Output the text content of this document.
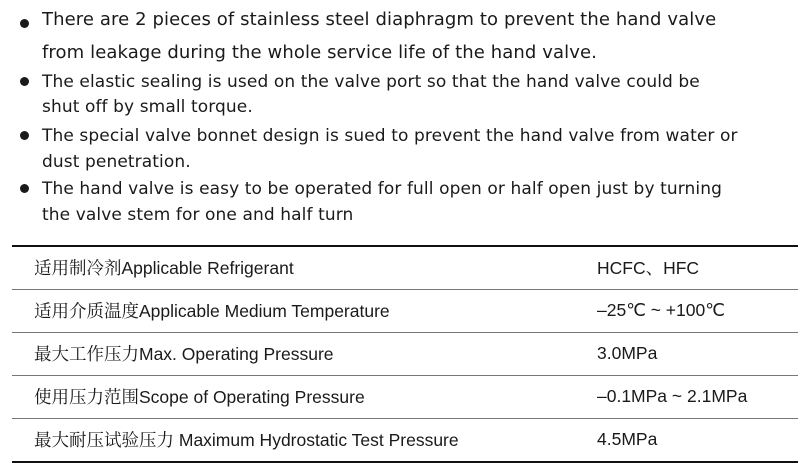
There are 2 pieces of stainless steel diaphragm to prevent the hand valve
from leakage during the whole service life of the hand valve.
The elastic sealing is used on the valve port so that the hand valve could be
shut off by small torque.
The special valve bonnet design is sued to prevent the hand valve from water or
dust penetration.
The hand valve is easy to be operated for full open or half open just by turning
the valve stem for one and half turn
适用制冷剂Applicable Refrigerant	HCFC、HFC
适用介质温度Applicable Medium Temperature	–25℃ ~ +100℃
最大工作压力Max. Operating Pressure	3.0MPa
使用压力范围Scope of Operating Pressure	–0.1MPa ~ 2.1MPa
最大耐压试验压力 Maximum Hydrostatic Test Pressure	4.5MPa
